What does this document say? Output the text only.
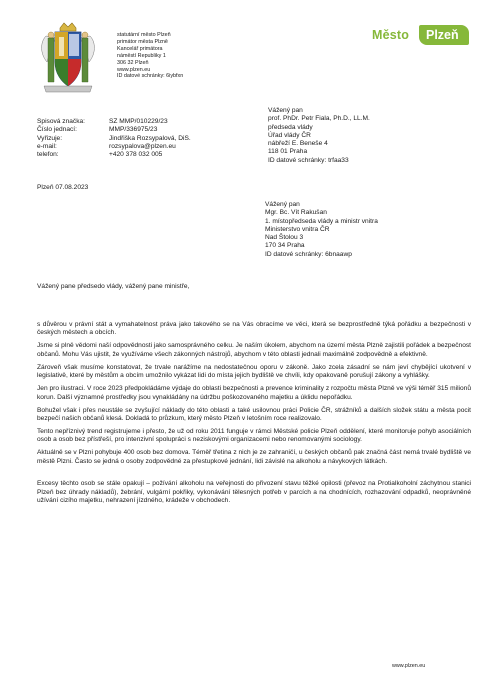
statutární město Plzeň
primátor města Plzně
Kancelář primátora
náměstí Republiky 1
306 32 Plzeň
www.plzen.eu
ID datové schránky: 6iybfxn
Město Plzeň
Vážený pan
prof. PhDr. Petr Fiala, Ph.D., LL.M.
předseda vlády
Úřad vlády ČR
nábřeží E. Beneše 4
118 01 Praha
ID datové schránky: trfaa33
Spisová značka:	SZ MMP/010229/23
Číslo jednací:	MMP/336975/23
Vyřizuje:	Jindřiška Rozsypalová, DiS.
e-mail:	rozsypalova@plzen.eu
telefon:	+420 378 032 005
Plzeň 07.08.2023
Vážený pan
Mgr. Bc. Vít Rakušan
1. místopředseda vlády a ministr vnitra
Ministerstvo vnitra ČR
Nad Štolou 3
170 34 Praha
ID datové schránky: 6bnaawp
Vážený pane předsedo vlády, vážený pane ministře,

s důvěrou v právní stát a vymahatelnost práva jako takového se na Vás obracíme ve věci, která se bezprostředně týká pořádku a bezpečnosti v českých městech a obcích.

Jsme si plně vědomi naší odpovědnosti jako samosprávného celku. Je naším úkolem, abychom na území města Plzně zajistili pořádek a bezpečnost občanů. Mohu Vás ujistit, že využíváme všech zákonných nástrojů, abychom v této oblasti jednali maximálně zodpovědně a efektivně.

Zároveň však musíme konstatovat, že trvale narážíme na nedostatečnou oporu v zákoně. Jako zcela zásadní se nám jeví chybějící ukotvení v legislativě, které by městům a obcím umožnilo vykázat lidi do místa jejich bydliště ve chvíli, kdy opakovaně porušují zákony a vyhlášky.

Jen pro ilustraci. V roce 2023 předpokládáme výdaje do oblasti bezpečnosti a prevence kriminality z rozpočtu města Plzně ve výši téměř 315 milionů korun. Další významné prostředky jsou vynakládány na údržbu poškozovaného majetku a úklidu nepořádku.

Bohužel však i přes neustále se zvyšující náklady do této oblasti a také usilovnou práci Policie ČR, strážníků a dalších složek státu a města pocit bezpečí našich občanů klesá. Dokladá to průzkum, který město Plzeň v letošním roce realizovalo.

Tento nepříznivý trend registrujeme i přesto, že už od roku 2011 funguje v rámci Městské policie Plzeň oddělení, které monitoruje pohyb asociálních osob a osob bez přístřeší, pro intenzivní spolupráci s neziskovými organizacemi nebo renomovanými sociology.

Aktuálně se v Plzni pohybuje 400 osob bez domova. Téměř třetina z nich je ze zahraničí, u českých občanů pak značná část nemá trvalé bydliště ve městě Plzni. Často se jedná o osoby zodpovědné za přestupkové jednání, lidi závislé na alkoholu a návykových látkách.

Excesy těchto osob se stále opakují – požívání alkoholu na veřejnosti do přivození stavu těžké opilosti (převoz na Protialkoholní záchytnou stanici Plzeň bez úhrady nákladů), žebrání, vulgární pokřiky, vykonávání tělesných potřeb v parcích a na chodnících, rozhazování odpadků, neoprávněné užívání cizího majetku, nehrazení jízdného, krádeže v obchodech.

www.plzen.eu
